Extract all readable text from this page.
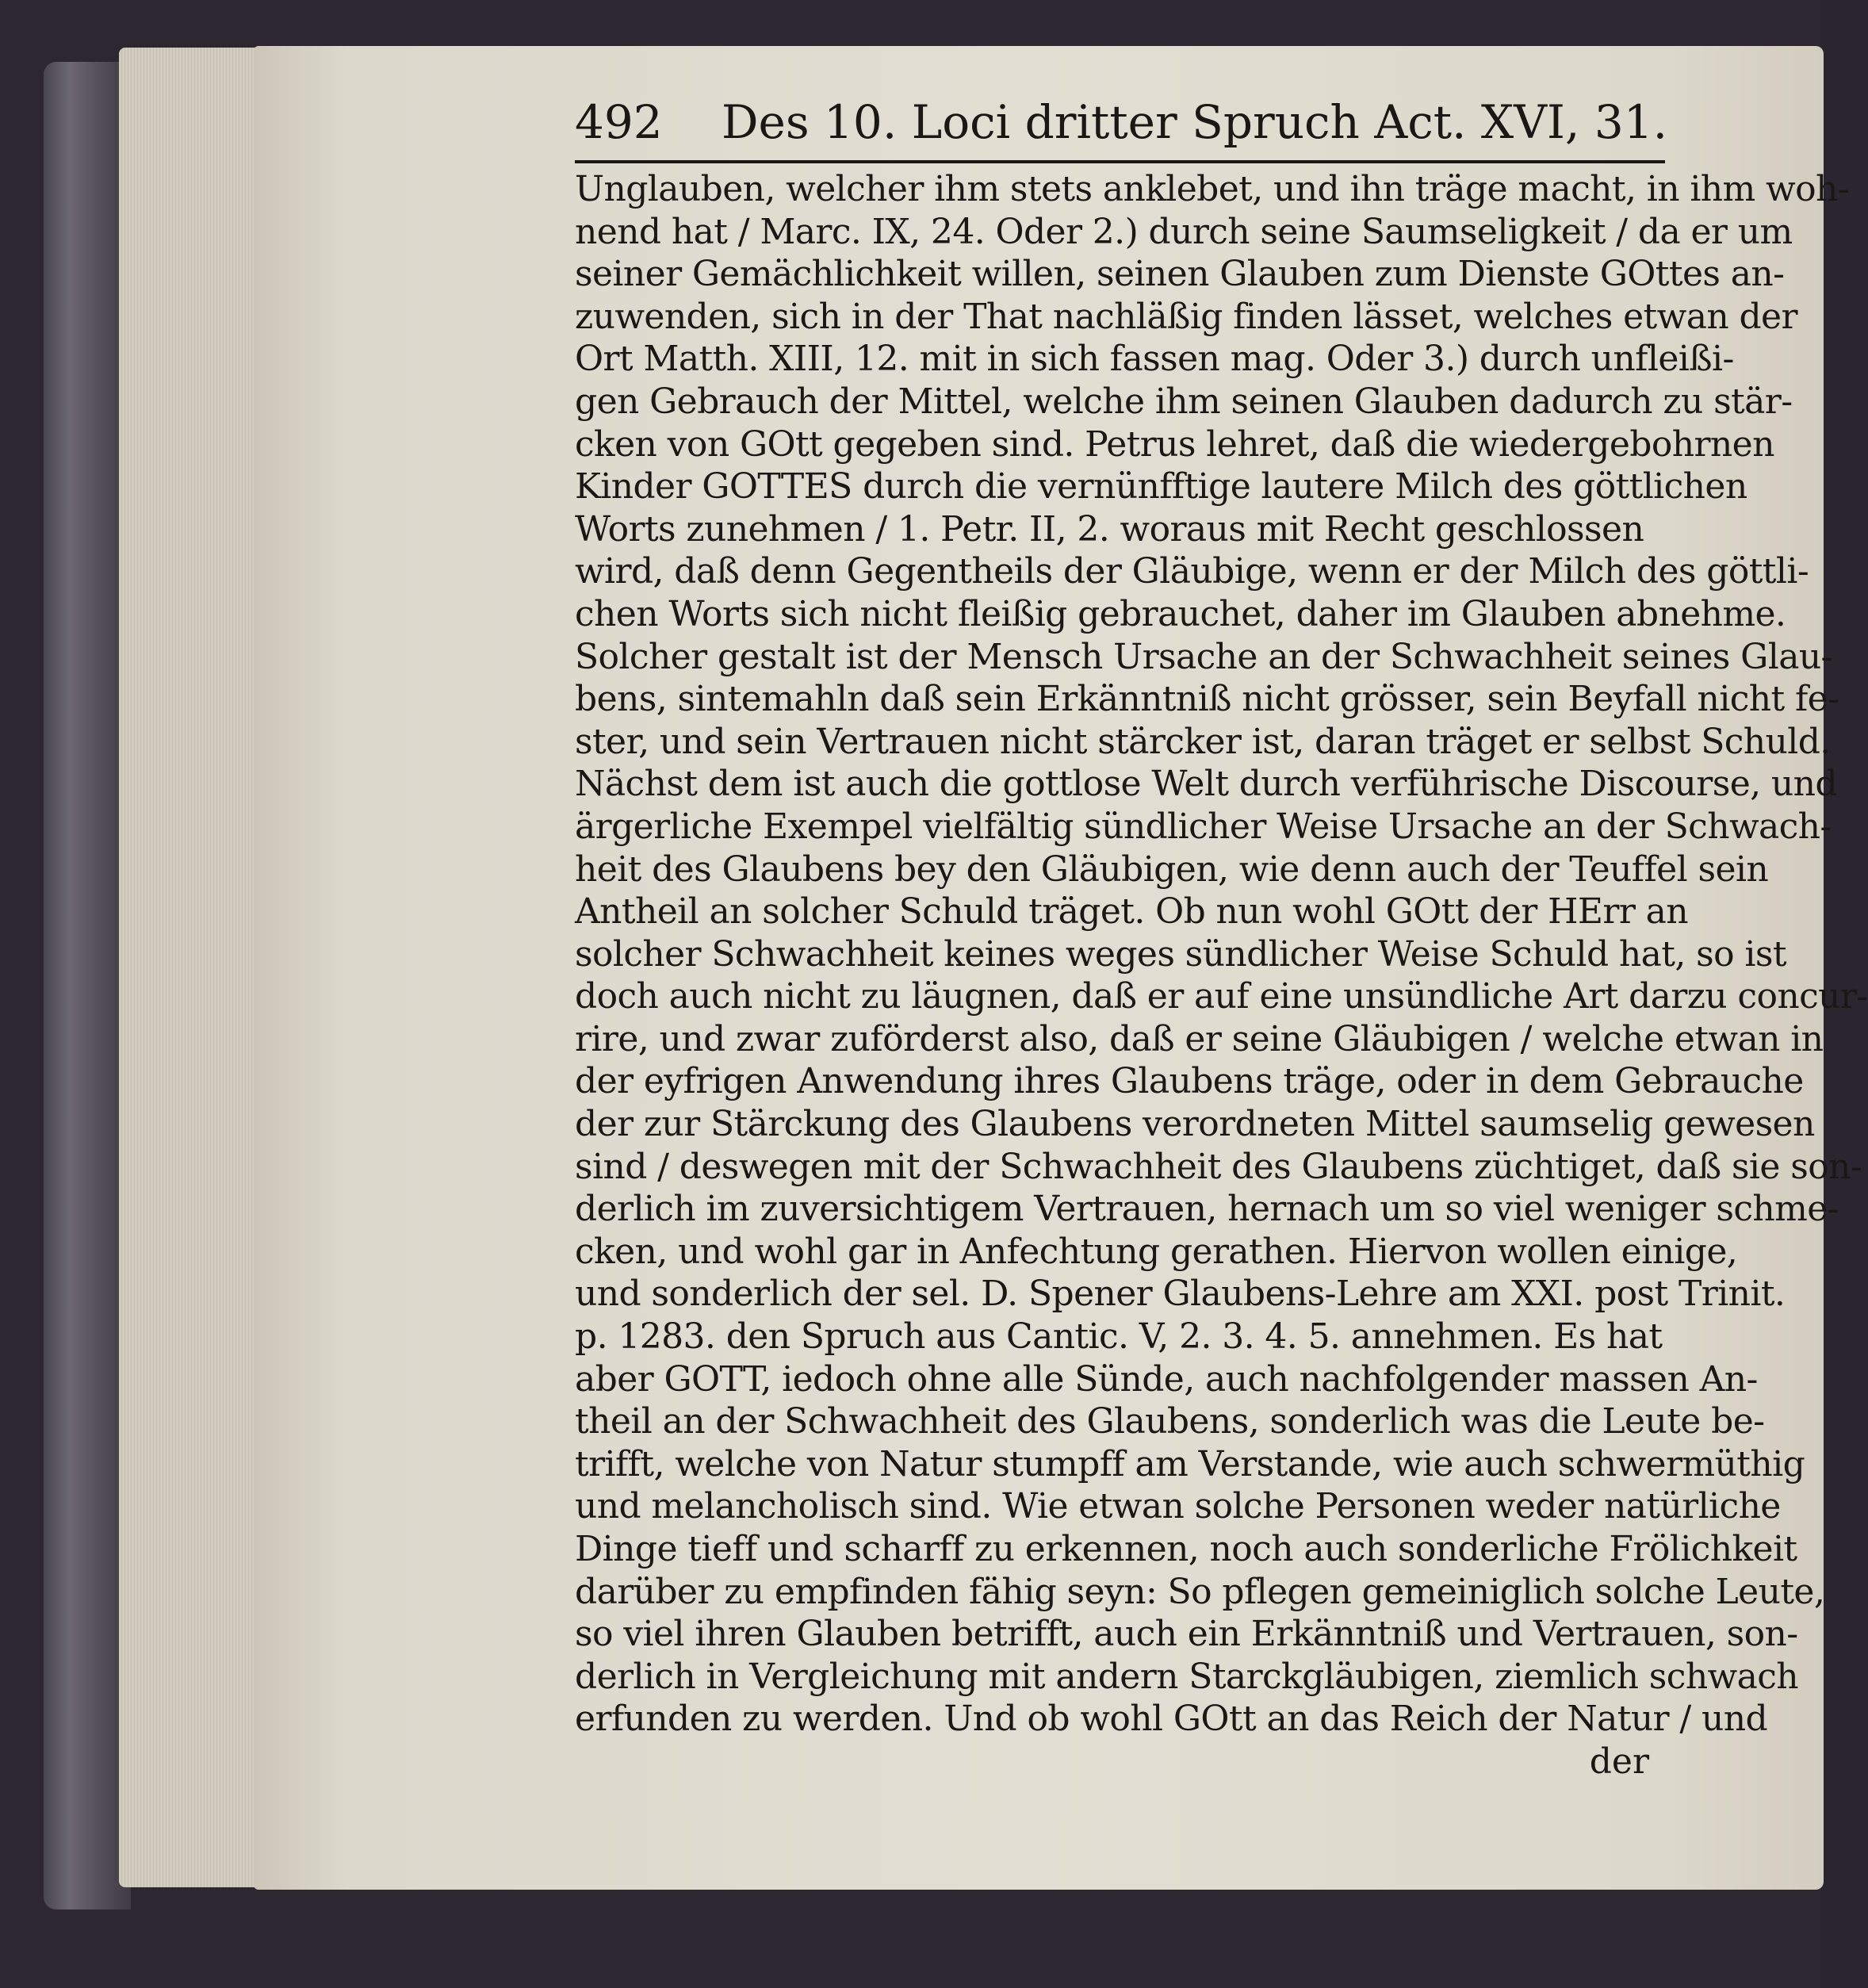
492 Des 10. Loci dritter Spruch Act. XVI, 31.
Unglauben, welcher ihm stets anklebet, und ihn träge macht, in ihm woh-
nend hat / Marc. IX, 24. Oder 2.) durch seine Saumseligkeit / da er um
seiner Gemächlichkeit willen, seinen Glauben zum Dienste GOttes an-
zuwenden, sich in der That nachläßig finden lässet, welches etwan der
Ort Matth. XIII, 12. mit in sich fassen mag. Oder 3.) durch unfleißi-
gen Gebrauch der Mittel, welche ihm seinen Glauben dadurch zu stär-
cken von GOtt gegeben sind. Petrus lehret, daß die wiedergebohrnen
Kinder GOTTES durch die vernünfftige lautere Milch des göttlichen
Worts zunehmen / 1. Petr. II, 2. woraus mit Recht geschlossen
wird, daß denn Gegentheils der Gläubige, wenn er der Milch des göttli-
chen Worts sich nicht fleißig gebrauchet, daher im Glauben abnehme.
Solcher gestalt ist der Mensch Ursache an der Schwachheit seines Glau-
bens, sintemahln daß sein Erkänntniß nicht grösser, sein Beyfall nicht fe-
ster, und sein Vertrauen nicht stärcker ist, daran träget er selbst Schuld.
Nächst dem ist auch die gottlose Welt durch verführische Discourse, und
ärgerliche Exempel vielfältig sündlicher Weise Ursache an der Schwach-
heit des Glaubens bey den Gläubigen, wie denn auch der Teuffel sein
Antheil an solcher Schuld träget. Ob nun wohl GOtt der HErr an
solcher Schwachheit keines weges sündlicher Weise Schuld hat, so ist
doch auch nicht zu läugnen, daß er auf eine unsündliche Art darzu concur-
rire, und zwar zuförderst also, daß er seine Gläubigen / welche etwan in
der eyfrigen Anwendung ihres Glaubens träge, oder in dem Gebrauche
der zur Stärckung des Glaubens verordneten Mittel saumselig gewesen
sind / deswegen mit der Schwachheit des Glaubens züchtiget, daß sie son-
derlich im zuversichtigem Vertrauen, hernach um so viel weniger schme-
cken, und wohl gar in Anfechtung gerathen. Hiervon wollen einige,
und sonderlich der sel. D. Spener Glaubens-Lehre am XXI. post Trinit.
p. 1283. den Spruch aus Cantic. V, 2. 3. 4. 5. annehmen. Es hat
aber GOTT, iedoch ohne alle Sünde, auch nachfolgender massen An-
theil an der Schwachheit des Glaubens, sonderlich was die Leute be-
trifft, welche von Natur stumpff am Verstande, wie auch schwermüthig
und melancholisch sind. Wie etwan solche Personen weder natürliche
Dinge tieff und scharff zu erkennen, noch auch sonderliche Frölichkeit
darüber zu empfinden fähig seyn: So pflegen gemeiniglich solche Leute,
so viel ihren Glauben betrifft, auch ein Erkänntniß und Vertrauen, son-
derlich in Vergleichung mit andern Starckgläubigen, ziemlich schwach
erfunden zu werden. Und ob wohl GOtt an das Reich der Natur / und
der
